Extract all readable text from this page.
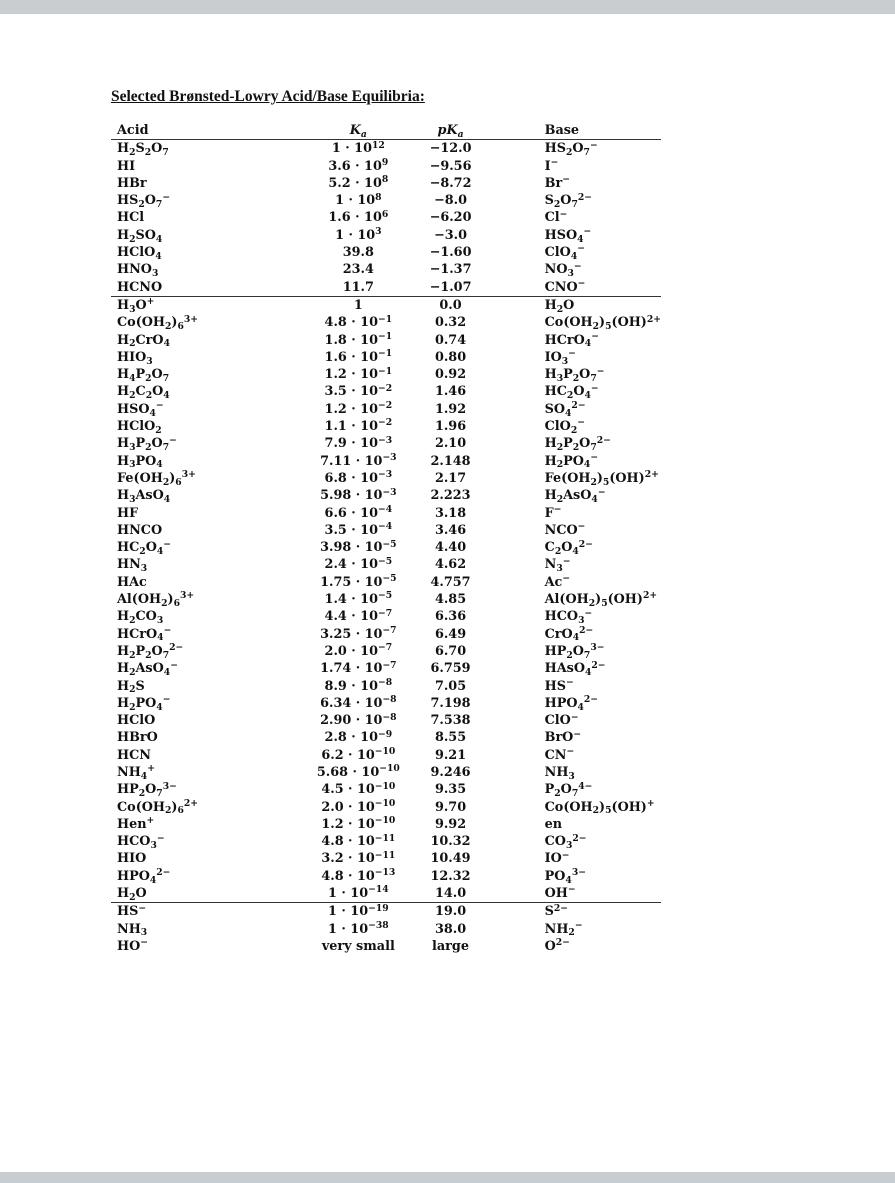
Selected Brønsted-Lowry Acid/Base Equilibria:
Acid	$K_a$	$pK_a$	Base
$H_2S_2O_7$	$1 \cdot 10^{12}$	−12.0	$HS_2O_7^-$
HI	$3.6 \cdot 10^9$	−9.56	I−
HBr	$5.2 \cdot 10^8$	−8.72	Br−
$HS_2O_7^-$	$1 \cdot 10^8$	−8.0	$S_2O_7^{2-}$
HCl	$1.6 \cdot 10^6$	−6.20	Cl−
$H_2SO_4$	$1 \cdot 10^3$	−3.0	$HSO_4^-$
HClO$_4$	39.8	−1.60	ClO$_4$−
$HNO_3$	23.4	−1.37	$NO_3^-$
HCNO	11.7	−1.07	CNO−
$H_3O^+$	1	0.0	$H_2O$
$Co(OH_2)_6^{3+}$	$4.8 \cdot 10^{-1}$	0.32	$Co(OH_2)_5(OH)^{2+}$
$H_2CrO_4$	$1.8 \cdot 10^{-1}$	0.74	HCrO$_4$−
$HIO_3$	$1.6 \cdot 10^{-1}$	0.80	$IO_3^-$
$H_4P_2O_7$	$1.2 \cdot 10^{-1}$	0.92	$H_3P_2O_7^-$
$H_2C_2O_4$	$3.5 \cdot 10^{-2}$	1.46	$HC_2O_4^-$
$HSO_4^-$	$1.2 \cdot 10^{-2}$	1.92	$SO_4^{2-}$
HClO$_2$	$1.1 \cdot 10^{-2}$	1.96	ClO$_2$−
$H_3P_2O_7^-$	$7.9 \cdot 10^{-3}$	2.10	$H_2P_2O_7^{2-}$
$H_3PO_4$	$7.11 \cdot 10^{-3}$	2.148	$H_2PO_4^-$
$Fe(OH_2)_6^{3+}$	$6.8 \cdot 10^{-3}$	2.17	$Fe(OH_2)_5(OH)^{2+}$
$H_3AsO_4$	$5.98 \cdot 10^{-3}$	2.223	$H_2AsO_4^-$
HF	$6.6 \cdot 10^{-4}$	3.18	F−
HNCO	$3.5 \cdot 10^{-4}$	3.46	NCO−
$HC_2O_4^-$	$3.98 \cdot 10^{-5}$	4.40	$C_2O_4^{2-}$
$HN_3$	$2.4 \cdot 10^{-5}$	4.62	$N_3^-$
HAc	$1.75 \cdot 10^{-5}$	4.757	Ac−
$Al(OH_2)_6^{3+}$	$1.4 \cdot 10^{-5}$	4.85	$Al(OH_2)_5(OH)^{2+}$
$H_2CO_3$	$4.4 \cdot 10^{-7}$	6.36	$HCO_3^-$
HCrO$_4$−	$3.25 \cdot 10^{-7}$	6.49	CrO$_4^{2-}$
$H_2P_2O_7^{2-}$	$2.0 \cdot 10^{-7}$	6.70	$HP_2O_7^{3-}$
$H_2AsO_4^-$	$1.74 \cdot 10^{-7}$	6.759	HAsO$_4^{2-}$
$H_2S$	$8.9 \cdot 10^{-8}$	7.05	HS−
$H_2PO_4^-$	$6.34 \cdot 10^{-8}$	7.198	$HPO_4^{2-}$
HClO	$2.90 \cdot 10^{-8}$	7.538	ClO−
HBrO	$2.8 \cdot 10^{-9}$	8.55	BrO−
HCN	$6.2 \cdot 10^{-10}$	9.21	CN−
$NH_4^+$	$5.68 \cdot 10^{-10}$	9.246	$NH_3$
$HP_2O_7^{3-}$	$4.5 \cdot 10^{-10}$	9.35	$P_2O_7^{4-}$
$Co(OH_2)_6^{2+}$	$2.0 \cdot 10^{-10}$	9.70	$Co(OH_2)_5(OH)^+$
Hen+	$1.2 \cdot 10^{-10}$	9.92	en
$HCO_3^-$	$4.8 \cdot 10^{-11}$	10.32	$CO_3^{2-}$
HIO	$3.2 \cdot 10^{-11}$	10.49	IO−
$HPO_4^{2-}$	$4.8 \cdot 10^{-13}$	12.32	$PO_4^{3-}$
$H_2O$	$1 \cdot 10^{-14}$	14.0	OH−
HS−	$1 \cdot 10^{-19}$	19.0	$S^{2-}$
$NH_3$	$1 \cdot 10^{-38}$	38.0	$NH_2^-$
HO−	very small	large	$O^{2-}$
